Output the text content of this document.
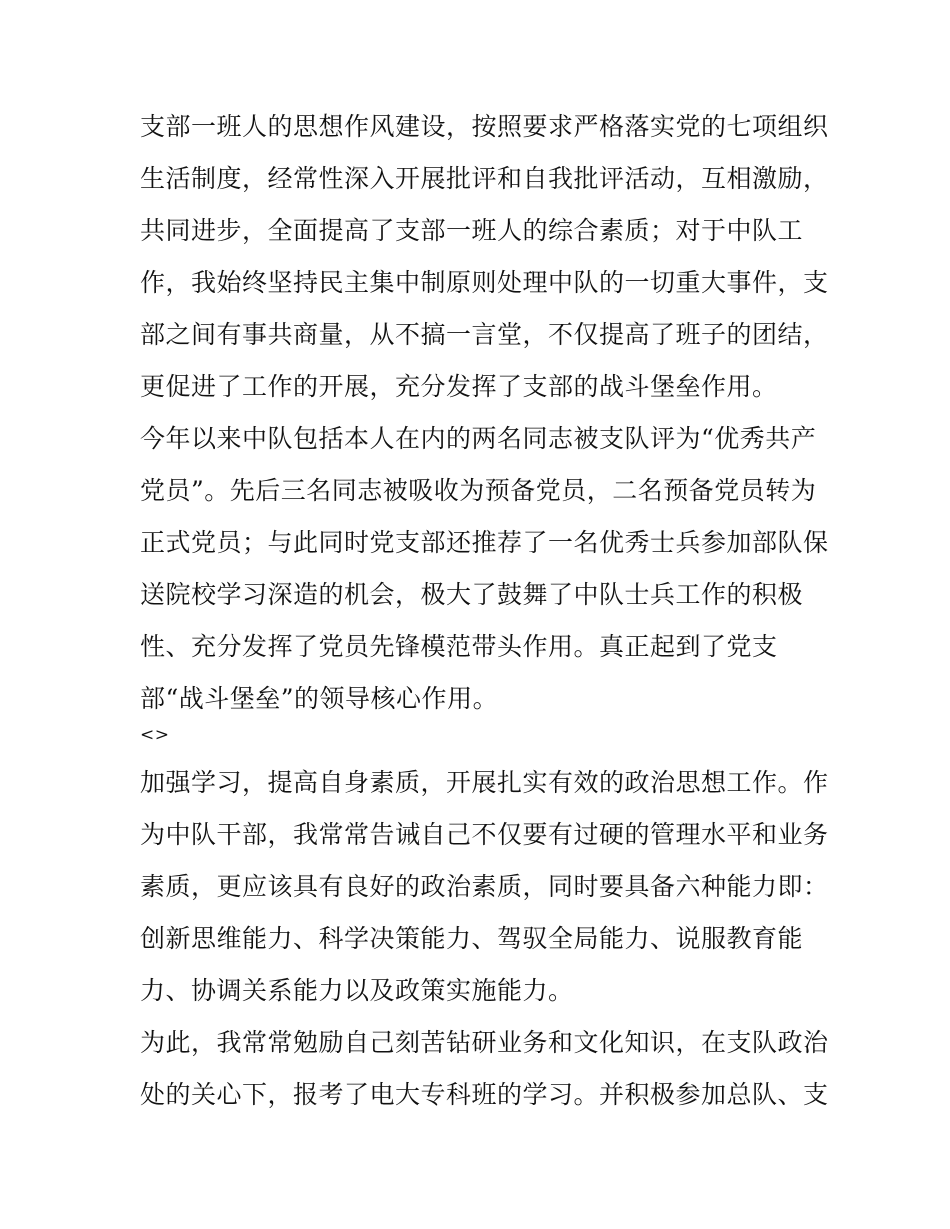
支部一班人的思想作风建设，按照要求严格落实党的七项组织
生活制度，经常性深入开展批评和自我批评活动，互相激励，
共同进步，全面提高了支部一班人的综合素质；对于中队工
作，我始终坚持民主集中制原则处理中队的一切重大事件，支
部之间有事共商量，从不搞一言堂，不仅提高了班子的团结，
更促进了工作的开展，充分发挥了支部的战斗堡垒作用。
今年以来中队包括本人在内的两名同志被支队评为“优秀共产
党员”。先后三名同志被吸收为预备党员，二名预备党员转为
正式党员；与此同时党支部还推荐了一名优秀士兵参加部队保
送院校学习深造的机会，极大了鼓舞了中队士兵工作的积极
性、充分发挥了党员先锋模范带头作用。真正起到了党支
部“战斗堡垒”的领导核心作用。
<>
加强学习，提高自身素质，开展扎实有效的政治思想工作。作
为中队干部，我常常告诫自己不仅要有过硬的管理水平和业务
素质，更应该具有良好的政治素质，同时要具备六种能力即：
创新思维能力、科学决策能力、驾驭全局能力、说服教育能
力、协调关系能力以及政策实施能力。
为此，我常常勉励自己刻苦钻研业务和文化知识，在支队政治
处的关心下，报考了电大专科班的学习。并积极参加总队、支
